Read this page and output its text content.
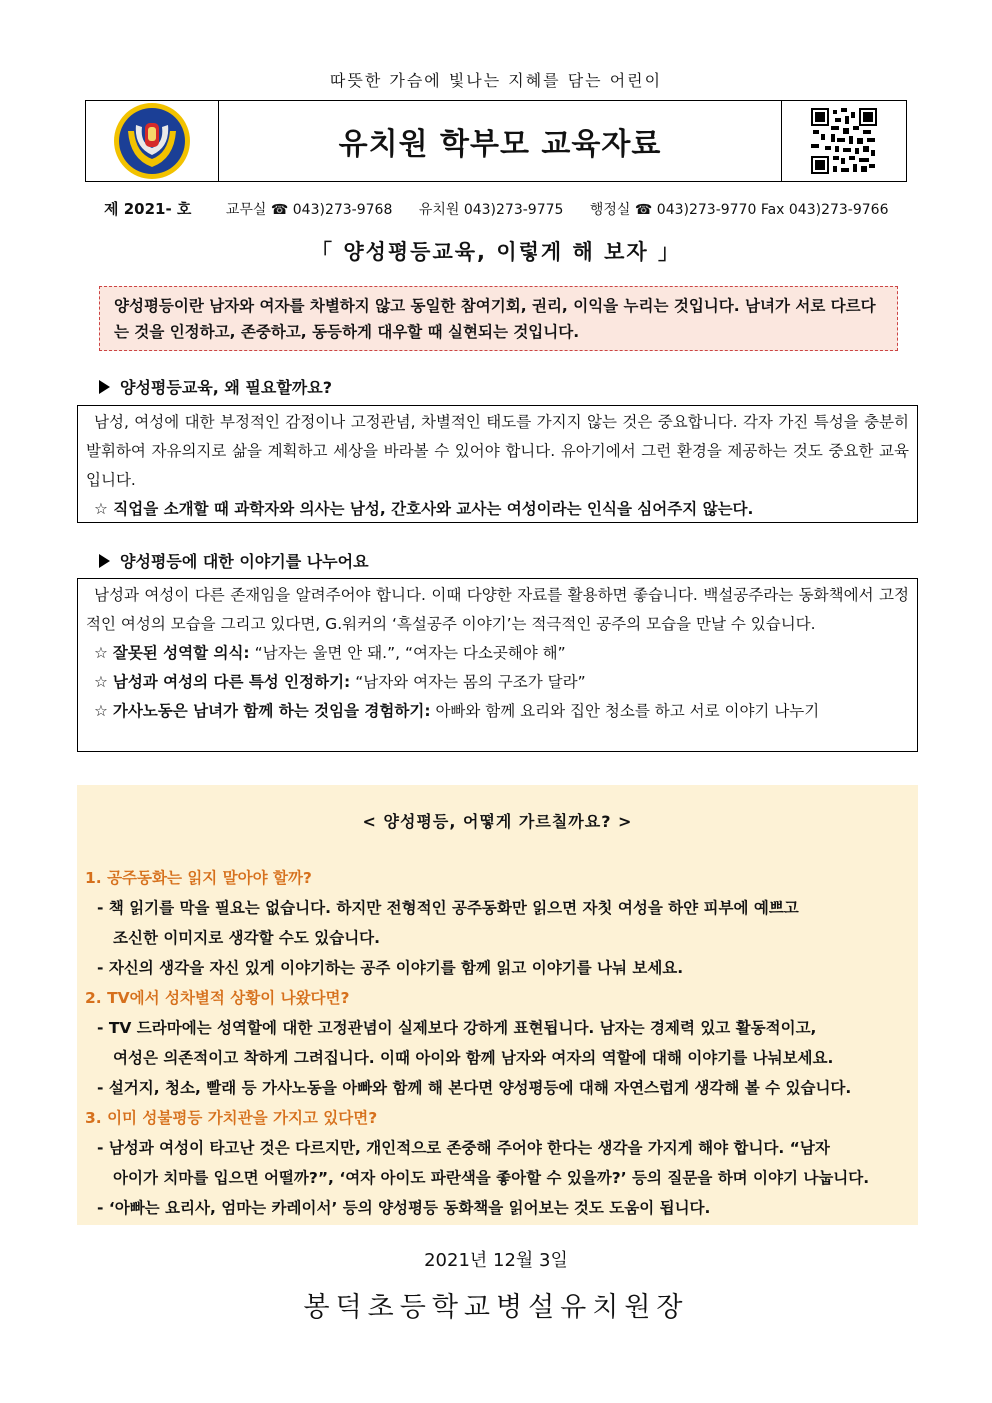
따뜻한 가슴에 빛나는 지혜를 담는 어린이
유치원 학부모 교육자료
제 2021- 호 교무실 ☎ 043)273-9768 유치원 043)273-9775 행정실 ☎ 043)273-9770 Fax 043)273-9766
「 양성평등교육, 이렇게 해 보자 」
양성평등이란 남자와 여자를 차별하지 않고 동일한 참여기회, 권리, 이익을 누리는 것입니다. 남녀가 서로 다르다는 것을 인정하고, 존중하고, 동등하게 대우할 때 실현되는 것입니다.
양성평등교육, 왜 필요할까요?

남성, 여성에 대한 부정적인 감정이나 고정관념, 차별적인 태도를 가지지 않는 것은 중요합니다. 각자 가진 특성을 충분히 발휘하여 자유의지로 삶을 계획하고 세상을 바라볼 수 있어야 합니다. 유아기에서 그런 환경을 제공하는 것도 중요한 교육입니다.

☆ 직업을 소개할 때 과학자와 의사는 남성, 간호사와 교사는 여성이라는 인식을 심어주지 않는다.

양성평등에 대한 이야기를 나누어요

남성과 여성이 다른 존재임을 알려주어야 합니다. 이때 다양한 자료를 활용하면 좋습니다. 백설공주라는 동화책에서 고정적인 여성의 모습을 그리고 있다면, G.워커의 ‘흑설공주 이야기’는 적극적인 공주의 모습을 만날 수 있습니다.

☆ 잘못된 성역할 의식: “남자는 울면 안 돼.”, “여자는 다소곳해야 해”

☆ 남성과 여성의 다른 특성 인정하기: “남자와 여자는 몸의 구조가 달라”

☆ 가사노동은 남녀가 함께 하는 것임을 경험하기: 아빠와 함께 요리와 집안 청소를 하고 서로 이야기 나누기

< 양성평등, 어떻게 가르칠까요? >
1. 공주동화는 읽지 말아야 할까?
- 책 읽기를 막을 필요는 없습니다. 하지만 전형적인 공주동화만 읽으면 자칫 여성을 하얀 피부에 예쁘고
조신한 이미지로 생각할 수도 있습니다.
- 자신의 생각을 자신 있게 이야기하는 공주 이야기를 함께 읽고 이야기를 나눠 보세요.
2. TV에서 성차별적 상황이 나왔다면?
- TV 드라마에는 성역할에 대한 고정관념이 실제보다 강하게 표현됩니다. 남자는 경제력 있고 활동적이고,
여성은 의존적이고 착하게 그려집니다. 이때 아이와 함께 남자와 여자의 역할에 대해 이야기를 나눠보세요.
- 설거지, 청소, 빨래 등 가사노동을 아빠와 함께 해 본다면 양성평등에 대해 자연스럽게 생각해 볼 수 있습니다.
3. 이미 성불평등 가치관을 가지고 있다면?
- 남성과 여성이 타고난 것은 다르지만, 개인적으로 존중해 주어야 한다는 생각을 가지게 해야 합니다. “남자
아이가 치마를 입으면 어떨까?”, ‘여자 아이도 파란색을 좋아할 수 있을까?’ 등의 질문을 하며 이야기 나눕니다.
- ‘아빠는 요리사, 엄마는 카레이서’ 등의 양성평등 동화책을 읽어보는 것도 도움이 됩니다.
2021년 12월 3일
봉덕초등학교병설유치원장
